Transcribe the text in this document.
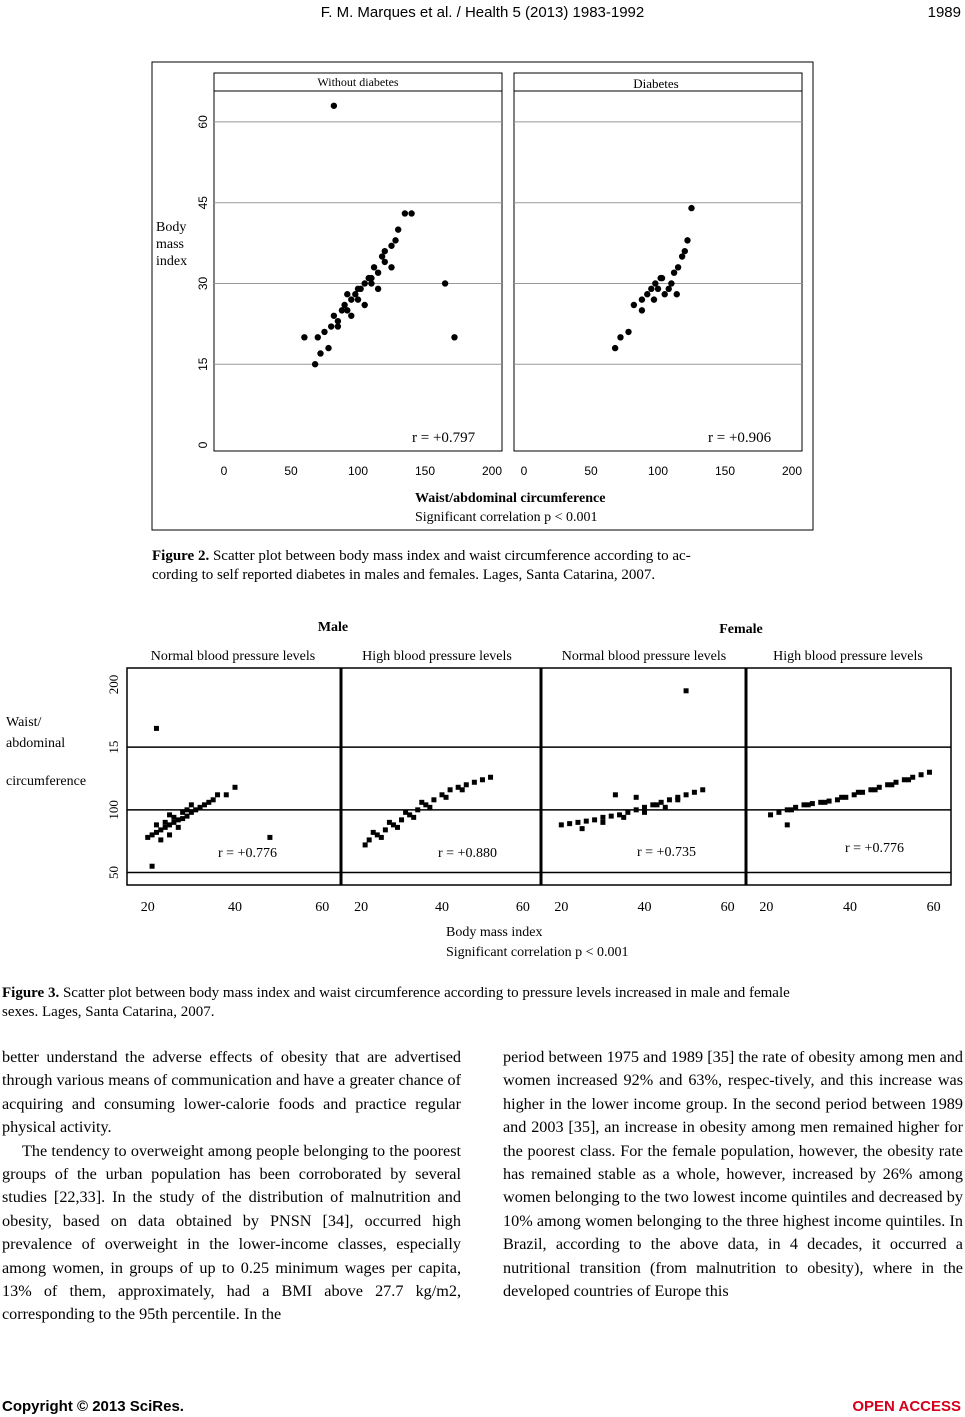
F. M. Marques et al. / Health 5 (2013) 1983-1992	1989
Without diabetes	Diabetes
Body
mass
index
0
15
30
45
60
0	50	100	150	200 0	50	100	150	200
r = +0.797	r = +0.906
Waist/abdominal circumference
Significant correlation p < 0.001
Figure 2. Scatter plot between body mass index and waist circumference according to ac-
cording to self reported diabetes in males and females. Lages, Santa Catarina, 2007.
Male	Female
Normal blood pressure levels	High blood pressure levels	Normal blood pressure levels	High blood pressure levels
Waist/
abdominal
circumference
50
100
15
200
20	40	60 20	40	60 20	40	60 20	40	60
r = +0.776	r = +0.880	r = +0.735	r = +0.776
Body mass index
Significant correlation p < 0.001
Figure 3. Scatter plot between body mass index and waist circumference according to pressure levels increased in male and female
sexes. Lages, Santa Catarina, 2007.

better understand the adverse effects of obesity that are advertised through various means of communication and have a greater chance of acquiring and consuming lower-calorie foods and practice regular physical activity.

The tendency to overweight among people belonging to the poorest groups of the urban population has been corroborated by several studies [22,33]. In the study of the distribution of malnutrition and obesity, based on data obtained by PNSN [34], occurred high prevalence of overweight in the lower-income classes, especially among women, in groups of up to 0.25 minimum wages per capita, 13% of them, approximately, had a BMI above 27.7 kg/m2, corresponding to the 95th percentile. In the

period between 1975 and 1989 [35] the rate of obesity among men and women increased 92% and 63%, respec-tively, and this increase was higher in the lower income group. In the second period between 1989 and 2003 [35], an increase in obesity among men remained higher for the poorest class. For the female population, however, the obesity rate has remained stable as a whole, however, increased by 26% among women belonging to the two lowest income quintiles and decreased by 10% among women belonging to the three highest income quintiles. In Brazil, according to the above data, in 4 decades, it occurred a nutritional transition (from malnutrition to obesity), where in the developed countries of Europe this

Copyright © 2013 SciRes.	OPEN ACCESS
